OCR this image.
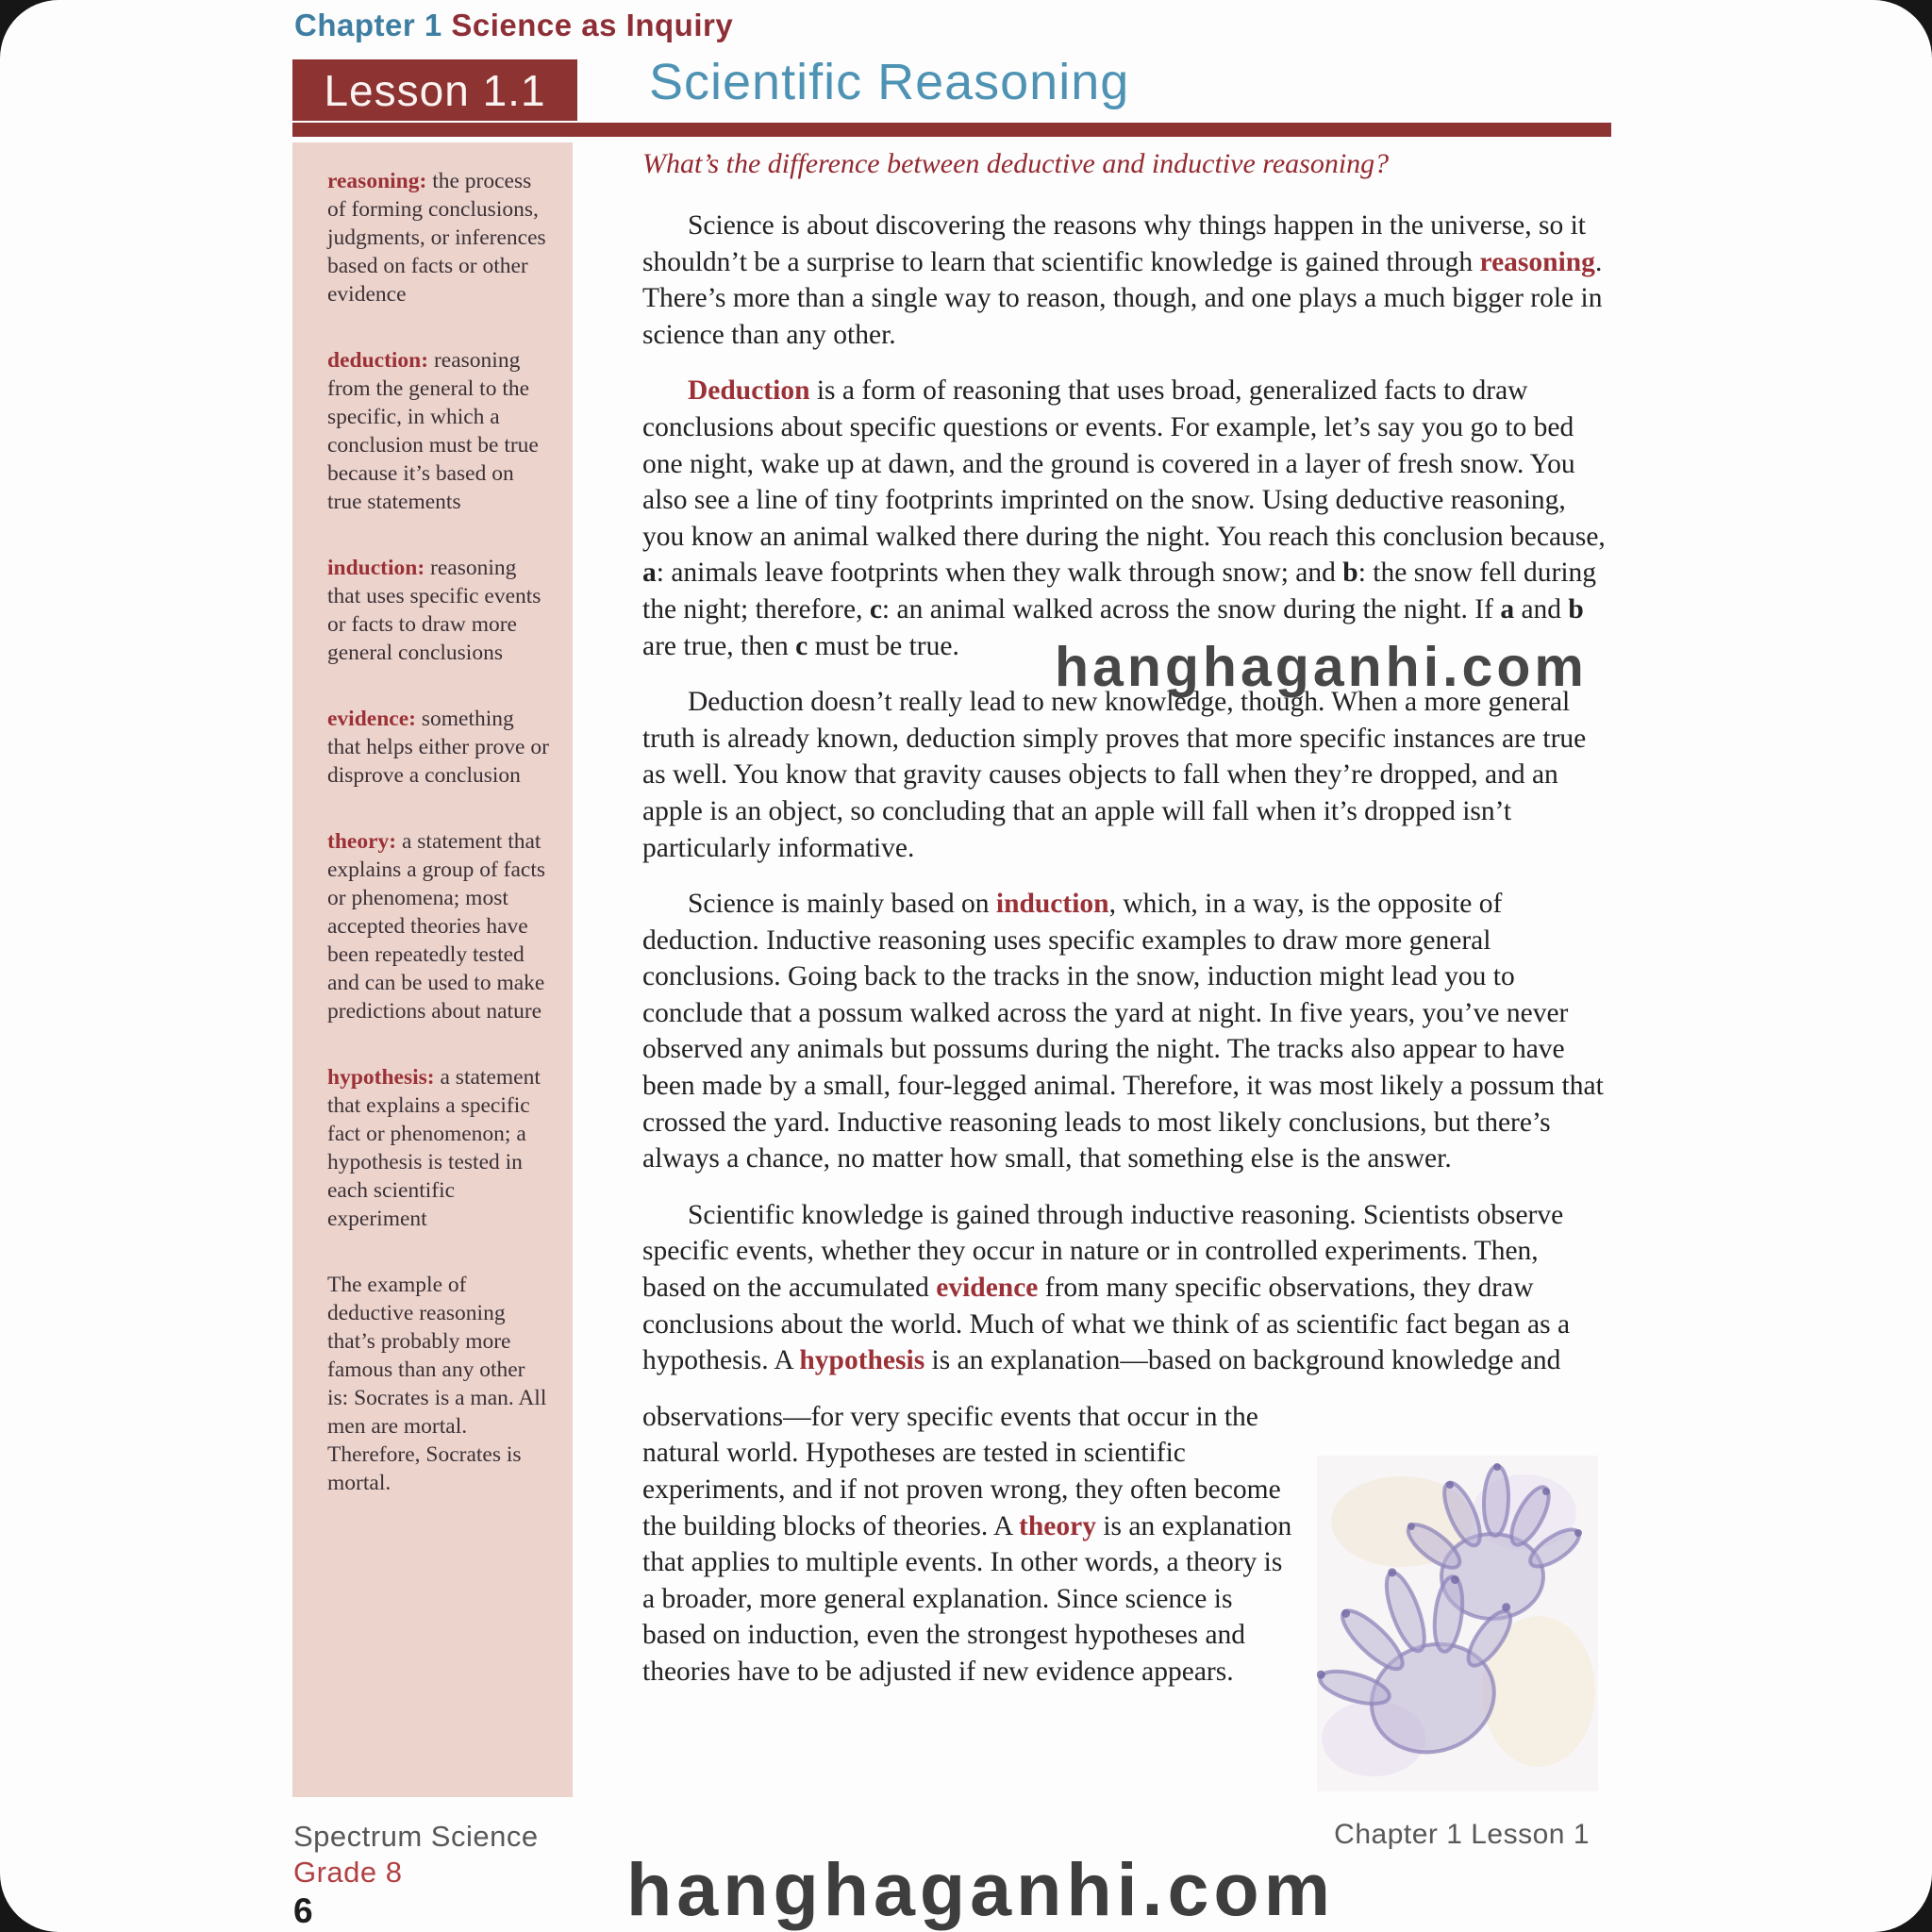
Chapter 1 Science as Inquiry
Lesson 1.1 Scientific Reasoning

reasoning: the process of forming conclusions, judgments, or inferences based on facts or other evidence

deduction: reasoning from the general to the specific, in which a conclusion must be true because it’s based on true statements

induction: reasoning that uses specific events or facts to draw more general conclusions

evidence: something that helps either prove or disprove a conclusion

theory: a statement that explains a group of facts or phenomena; most accepted theories have been repeatedly tested and can be used to make predictions about nature

hypothesis: a statement that explains a specific fact or phenomenon; a hypothesis is tested in each scientific experiment

The example of deductive reasoning that’s probably more famous than any other is: Socrates is a man. All men are mortal. Therefore, Socrates is mortal.

What’s the difference between deductive and inductive reasoning?

Science is about discovering the reasons why things happen in the universe, so it shouldn’t be a surprise to learn that scientific knowledge is gained through reasoning. There’s more than a single way to reason, though, and one plays a much bigger role in science than any other.

Deduction is a form of reasoning that uses broad, generalized facts to draw conclusions about specific questions or events. For example, let’s say you go to bed one night, wake up at dawn, and the ground is covered in a layer of fresh snow. You also see a line of tiny footprints imprinted on the snow. Using deductive reasoning, you know an animal walked there during the night. You reach this conclusion because, a: animals leave footprints when they walk through snow; and b: the snow fell during the night; therefore, c: an animal walked across the snow during the night. If a and b are true, then c must be true.

Deduction doesn’t really lead to new knowledge, though. When a more general truth is already known, deduction simply proves that more specific instances are true as well. You know that gravity causes objects to fall when they’re dropped, and an apple is an object, so concluding that an apple will fall when it’s dropped isn’t particularly informative.

Science is mainly based on induction, which, in a way, is the opposite of deduction. Inductive reasoning uses specific examples to draw more general conclusions. Going back to the tracks in the snow, induction might lead you to conclude that a possum walked across the yard at night. In five years, you’ve never observed any animals but possums during the night. The tracks also appear to have been made by a small, four-legged animal. Therefore, it was most likely a possum that crossed the yard. Inductive reasoning leads to most likely conclusions, but there’s always a chance, no matter how small, that something else is the answer.

Scientific knowledge is gained through inductive reasoning. Scientists observe specific events, whether they occur in nature or in controlled experiments. Then, based on the accumulated evidence from many specific observations, they draw conclusions about the world. Much of what we think of as scientific fact began as a hypothesis. A hypothesis is an explanation—based on background knowledge and

observations—for very specific events that occur in the natural world. Hypotheses are tested in scientific experiments, and if not proven wrong, they often become the building blocks of theories. A theory is an explanation that applies to multiple events. In other words, a theory is a broader, more general explanation. Since science is based on induction, even the strongest hypotheses and theories have to be adjusted if new evidence appears.

hanghaganhi.com
hanghaganhi.com
Spectrum Science
Grade 8
6
Chapter 1 Lesson 1
